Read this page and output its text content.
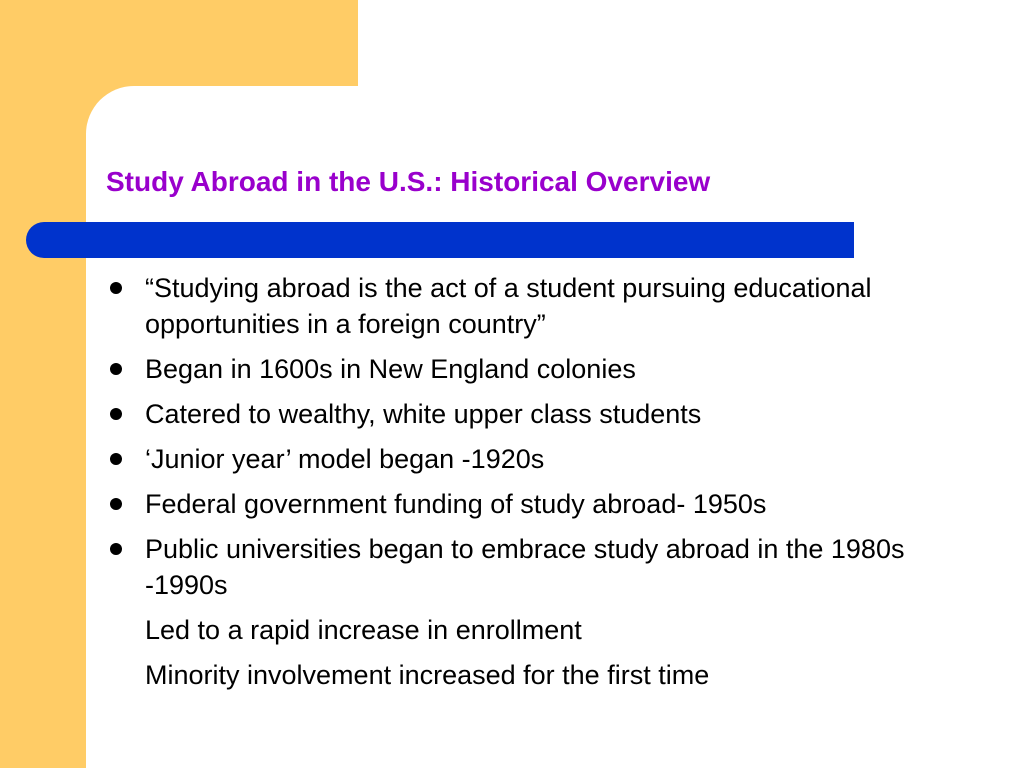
Study Abroad in the U.S.: Historical Overview
“Studying abroad is the act of a student pursuing educational opportunities in a foreign country”
Began in 1600s in New England colonies
Catered to wealthy, white upper class students
‘Junior year’ model began -1920s
Federal government funding of study abroad- 1950s
Public universities began to embrace study abroad in the 1980s -1990s
Led to a rapid increase in enrollment
Minority involvement increased for the first time
